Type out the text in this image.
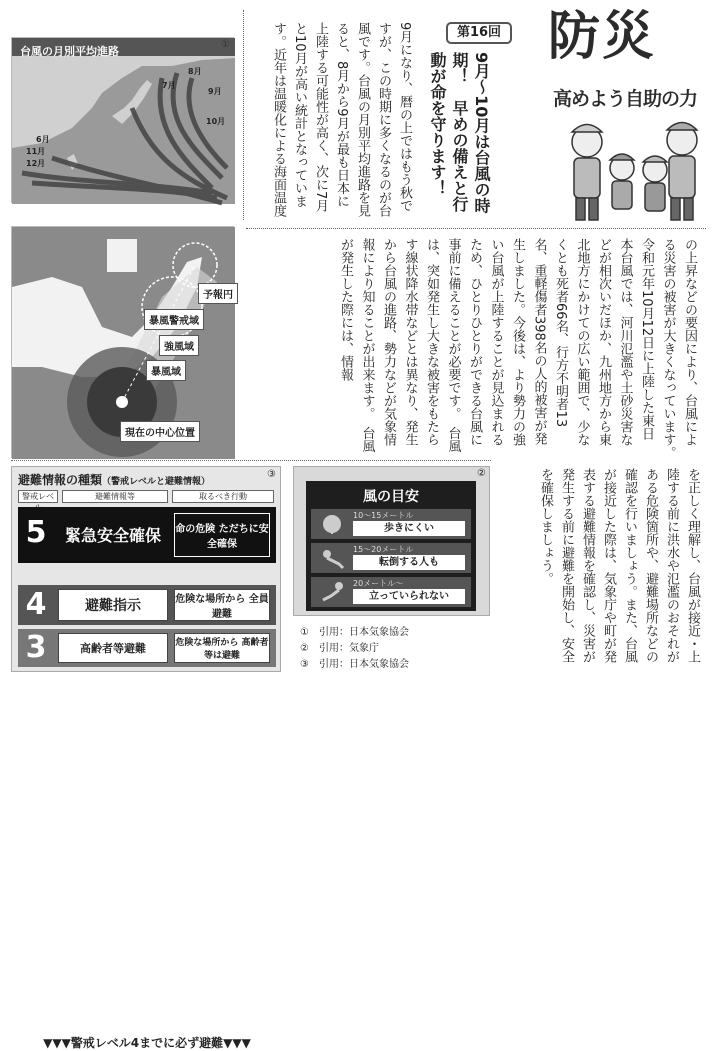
台風の月別平均進路
①
7月
8月
9月
10月
6月
11月
12月
予報円
暴風警戒域
強風域
暴風域
現在の中心位置
第16回
9月～10月は台風の時期！　早めの備えと行動が命を守ります！
防災
高めよう自助の力
9月になり、暦の上ではもう秋ですが、この時期に多くなるのが台風です。台風の月別平均進路を見ると、8月から9月が最も日本に上陸する可能性が高く、次に7月と10月が高い統計となっています。近年は温暖化による海面温度
の上昇などの要因により、台風による災害の被害が大きくなっています。　令和元年10月12日に上陸した東日本台風では、河川氾濫や土砂災害などが相次いだほか、九州地方から東北地方にかけての広い範囲で、少なくとも死者66名、行方不明者13名、重軽傷者398名の人的被害が発生しました。今後は、より勢力の強い台風が上陸することが見込まれるため、ひとりひとりができる台風に事前に備えることが必要です。　台風は、突如発生し大きな被害をもたらす線状降水帯などとは異なり、発生から台風の進路、勢力などが気象情報により知ることが出来ます。　台風が発生した際には、情報
を正しく理解し、台風が接近・上陸する前に洪水や氾濫のおそれがある危険箇所や、避難場所などの確認を行いましょう。また、台風が接近した際は、気象庁や町が発表する避難情報を確認し、災害が発生する前に避難を開始し、安全を確保しましょう。
避難情報の種類（警戒レベルと避難情報）
③
警戒レベ	避難情報等	取るべき行動
5	緊急安全確保	命の危険 ただちに安全確保
▼▼▼警戒レベル4までに必ず避難▼▼▼
4	避難指示	危険な場所から 全員避難
3	高齢者等避難	危険な場所から 高齢者等は避難
②
風の目安
10～15メートル
歩きにくい
15～20メートル
転倒する人も
20メートル～
立っていられない
①　引用：日本気象協会
②　引用：気象庁
③　引用：日本気象協会
